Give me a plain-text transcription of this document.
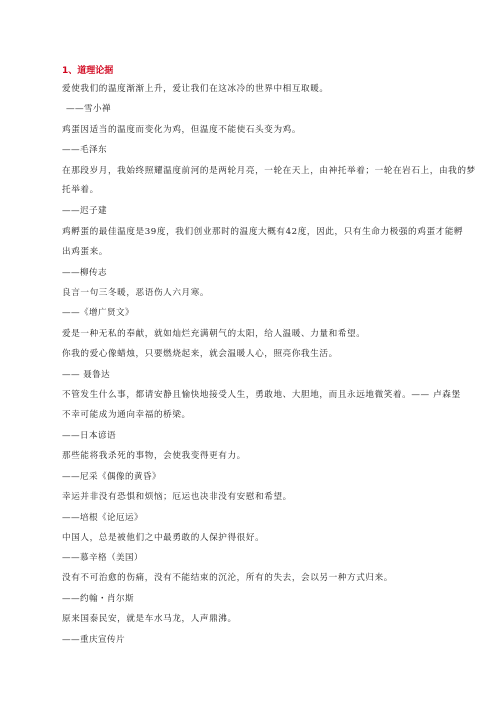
1、道理论据
爱使我们的温度渐渐上升，爱让我们在这冰冷的世界中相互取暖。
——雪小禅
鸡蛋因适当的温度而变化为鸡，但温度不能使石头变为鸡。
——毛泽东
在那段岁月，我始终照耀温度前河的是两轮月亮，一轮在天上，由神托举着；一轮在岩石上，由我的梦
托举着。
——迟子建
鸡孵蛋的最佳温度是39度，我们创业那时的温度大概有42度，因此，只有生命力极强的鸡蛋才能孵
出鸡蛋来。
——柳传志
良言一句三冬暖，恶语伤人六月寒。
——《增广贤文》
爱是一种无私的奉献，就如灿烂充满朝气的太阳，给人温暖、力量和希望。
你我的爱心像蜡烛，只要燃烧起来，就会温暖人心，照亮你我生活。
—— 聂鲁达
不管发生什么事，都请安静且愉快地接受人生，勇敢地、大胆地，而且永远地微笑着。—— 卢森堡
不幸可能成为通向幸福的桥梁。
——日本谚语
那些能将我杀死的事物，会使我变得更有力。
——尼采《偶像的黄昏》
幸运并非没有恐惧和烦恼；厄运也决非没有安慰和希望。
——培根《论厄运》
中国人，总是被他们之中最勇敢的人保护得很好。
——慕辛格（美国）
没有不可治愈的伤痛，没有不能结束的沉沦，所有的失去，会以另一种方式归来。
——约翰・肖尔斯
原来国泰民安，就是车水马龙，人声鼎沸。
——重庆宣传片
